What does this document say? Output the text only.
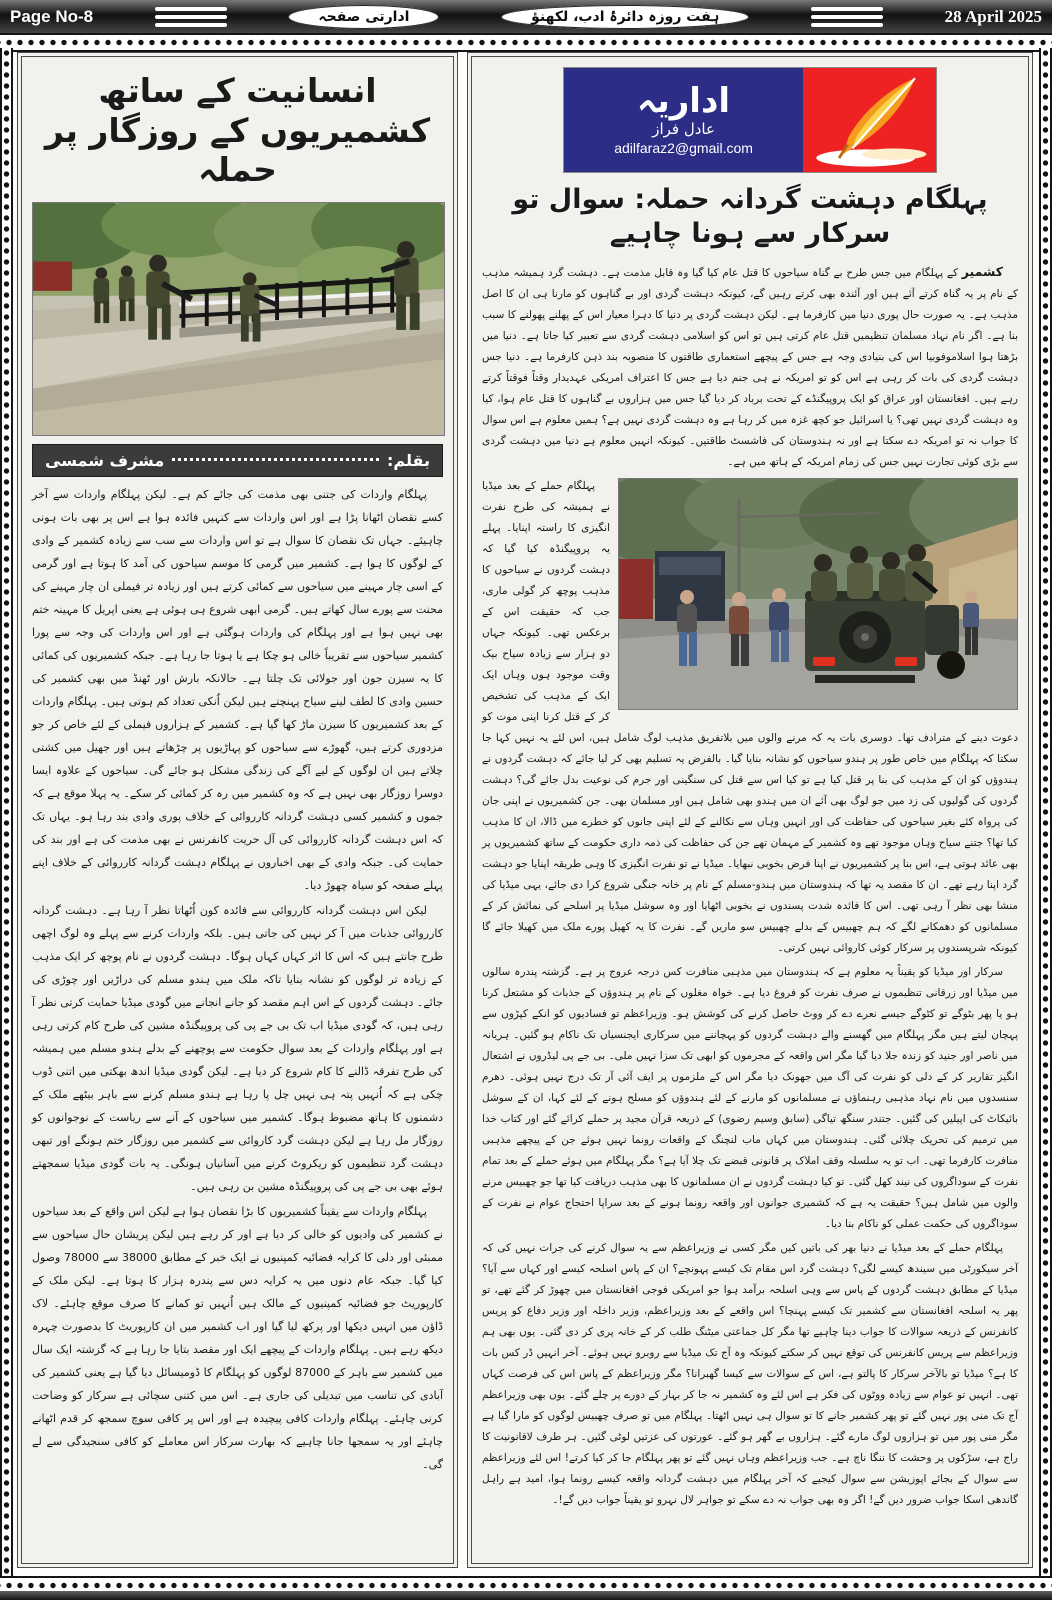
Page No-8	ادارتی صفحہ	ہفت روزہ دائرۂ ادب، لکھنؤ	28 April 2025
انسانیت کے ساتھ کشمیریوں کے روزگار پر حملہ
بقلم:
مشرف شمسی

پہلگام واردات کی جتنی بھی مذمت کی جائے کم ہے۔ لیکن پہلگام واردات سے آخر کسے نقصان اٹھانا پڑا ہے اور اس واردات سے کنہیں فائدہ ہوا ہے اس پر بھی بات ہونی چاہیئے۔ جہاں تک نقصان کا سوال ہے تو اس واردات سے سب سے زیادہ کشمیر کے وادی کے لوگوں کا ہوا ہے۔ کشمیر میں گرمی کا موسم سیاحوں کی آمد کا ہوتا ہے اور گرمی کے اسی چار مہینے میں سیاحوں سے کمائی کرتے ہیں اور زیادہ تر فیملی ان چار مہینے کی محنت سے پورے سال کھاتے ہیں۔ گرمی ابھی شروع ہی ہوئی ہے یعنی اپریل کا مہینہ ختم بھی نہیں ہوا ہے اور پہلگام کی واردات ہوگئی ہے اور اس واردات کی وجہ سے پورا کشمیر سیاحوں سے تقریباً خالی ہو چکا ہے یا ہوتا جا رہا ہے۔ جبکہ کشمیریوں کی کمائی کا یہ سیزن جون اور جولائی تک چلتا ہے۔ حالانکہ بارش اور ٹھنڈ میں بھی کشمیر کی حسین وادی کا لطف لینے سیاح پہنچتے ہیں لیکن اُنکی تعداد کم ہوتی ہیں۔ پہلگام واردات کے بعد کشمیریوں کا سیزن ماڑ کھا گیا ہے۔ کشمیر کے ہزاروں فیملی کے لئے خاص کر جو مزدوری کرتے ہیں، گھوڑے سے سیاحوں کو پہاڑیوں پر چڑھاتے ہیں اور جھیل میں کشتی چلاتے ہیں ان لوگوں کے لیے آگے کی زندگی مشکل ہو جائے گی۔ سیاحوں کے علاوہ ایسا دوسرا روزگار بھی نہیں ہے کہ وہ کشمیر میں رہ کر کمائی کر سکے۔ یہ پہلا موقع ہے کہ جموں و کشمیر کسی دہشت گردانہ کارروائی کے خلاف پوری وادی بند رہا ہو۔ یہاں تک کہ اس دہشت گردانہ کارروائی کی آل حریت کانفرنس نے بھی مذمت کی ہے اور بند کی حمایت کی۔ جبکہ وادی کے بھی اخباروں نے پہلگام دہشت گردانہ کارروائی کے خلاف اپنے پہلے صفحہ کو سیاہ چھوڑ دیا۔

لیکن اس دہشت گردانہ کارروائی سے فائدہ کون اُٹھاتا نظر آ رہا ہے۔ دہشت گردانہ کارروائی جذبات میں آ کر نہیں کی جاتی ہیں۔ بلکہ واردات کرنے سے پہلے وہ لوگ اچھی طرح جانتے ہیں کہ اس کا اثر کہاں کہاں ہوگا۔ دہشت گردوں نے نام پوچھ کر ایک مذہب کے زیادہ تر لوگوں کو نشانہ بنایا تاکہ ملک میں ہندو مسلم کی دراڑیں اور چوڑی کی جائے۔ دہشت گردوں کے اس اہم مقصد کو جانے انجانے میں گودی میڈیا حمایت کرتی نظر آ رہی ہیں، کہ گودی میڈیا اب تک بی جے پی کی پروپیگنڈہ مشین کی طرح کام کرتی رہی ہے اور پہلگام واردات کے بعد سوال حکومت سے پوچھنے کے بدلے ہندو مسلم میں ہمیشہ کی طرح تفرقہ ڈالنے کا کام شروع کر دیا ہے۔ لیکن گودی میڈیا اندھ بھکتی میں اتنی ڈوب چکی ہے کہ اُنہیں پتہ ہی نہیں چل پا رہا ہے ہندو مسلم کرنے سے باہر بیٹھے ملک کے دشمنوں کا ہاتھ مضبوط ہوگا۔ کشمیر میں سیاحوں کے آنے سے ریاست کے نوجوانوں کو روزگار مل رہا ہے لیکن دہشت گرد کاروائی سے کشمیر میں روزگار ختم ہونگے اور تبھی دہشت گرد تنظیموں کو ریکروٹ کرنے میں آسانیاں ہونگی۔ یہ بات گودی میڈیا سمجھتے ہوئے بھی بی جے پی کی پروپیگنڈہ مشین بن رہی ہیں۔

پہلگام واردات سے یقیناً کشمیریوں کا بڑا نقصان ہوا ہے لیکن اس واقع کے بعد سیاحوں نے کشمیر کی وادیوں کو خالی کر دیا ہے اور کر رہے ہیں لیکن پریشان حال سیاحوں سے ممبئی اور دلی کا کرایہ فضائیہ کمپنیوں نے ایک خبر کے مطابق 38000 سے 78000 وصول کیا گیا۔ جبکہ عام دنوں میں یہ کرایہ دس سے پندرہ ہزار کا ہوتا ہے۔ لیکن ملک کے کارپوریٹ جو فضائیہ کمپنیوں کے مالک ہیں اُنہیں تو کمانے کا صرف موقع چاہئے۔ لاک ڈاؤن میں انہیں دیکھا اور پرکھ لیا گیا اور اب کشمیر میں ان کارپوریٹ کا بدصورت چہرہ دیکھ رہے ہیں۔ پہلگام واردات کے پیچھے ایک اور مقصد بتایا جا رہا ہے کہ گزشتہ ایک سال میں کشمیر سے باہر کے 87000 لوگوں کو پہلگام کا ڈومیسائل دیا گیا ہے یعنی کشمیر کی آبادی کی تناسب میں تبدیلی کی جاری ہے۔ اس میں کتنی سچائی ہے سرکار کو وضاحت کرنی چاہئے۔ پہلگام واردات کافی پیچیدہ ہے اور اس پر کافی سوچ سمجھ کر قدم اٹھانے چاہئے اور یہ سمجھا جانا چاہیے کہ بھارت سرکار اس معاملے کو کافی سنجیدگی سے لے گی۔

اداریہ
عادل فراز
adilfaraz2@gmail.com
پہلگام دہشت گردانہ حملہ: سوال تو سرکار سے ہونا چاہیے

کشمیر کے پہلگام میں جس طرح بے گناہ سیاحوں کا قتل عام کیا گیا وہ قابل مذمت ہے۔ دہشت گرد ہمیشہ مذہب کے نام پر یہ گناہ کرتے آئے ہیں اور آئندہ بھی کرتے رہیں گے، کیونکہ دہشت گردی اور بے گناہوں کو مارنا ہی ان کا اصل مذہب ہے۔ یہ صورت حال پوری دنیا میں کارفرما ہے۔ لیکن دہشت گردی پر دنیا کا دہرا معیار اس کے پھلنے پھولنے کا سبب بنا ہے۔ اگر نام نہاد مسلمان تنظیمیں قتل عام کرتی ہیں تو اس کو اسلامی دہشت گردی سے تعبیر کیا جاتا ہے۔ دنیا میں بڑھتا ہوا اسلاموفوبیا اس کی بنیادی وجہ ہے جس کے پیچھے استعماری طاقتوں کا منصوبہ بند ذہن کارفرما ہے۔ دنیا جس دہشت گردی کی بات کر رہی ہے اس کو تو امریکہ نے ہی جنم دیا ہے جس کا اعتراف امریکی عہدیدار وقتاً فوقتاً کرتے رہے ہیں۔ افغانستان اور عراق کو ایک پروپیگنڈے کے تحت برباد کر دیا گیا جس میں ہزاروں بے گناہوں کا قتل عام ہوا، کیا وہ دہشت گردی نہیں تھی؟ یا اسرائیل جو کچھ غزہ میں کر رہا ہے وہ دہشت گردی نہیں ہے؟ ہمیں معلوم ہے اس سوال کا جواب نہ تو امریکہ دے سکتا ہے اور نہ ہندوستان کی فاشسٹ طاقتیں۔ کیونکہ انہیں معلوم ہے دنیا میں دہشت گردی سے بڑی کوئی تجارت نہیں جس کی زمام امریکہ کے ہاتھ میں ہے۔

پہلگام حملے کے بعد میڈیا نے ہمیشہ کی طرح نفرت انگیزی کا راستہ اپنایا۔ پہلے یہ پروپیگنڈہ کیا گیا کہ دہشت گردوں نے سیاحوں کا مذہب پوچھ کر گولی ماری، جب کہ حقیقت اس کے برعکس تھی۔ کیونکہ جہاں دو ہزار سے زیادہ سیاح بیک وقت موجود ہوں وہاں ایک ایک کے مذہب کی تشخیص کر کے قتل کرنا اپنی موت کو دعوت دینے کے مترادف تھا۔ دوسری بات یہ کہ مرنے والوں میں بلاتفریق مذہب لوگ شامل ہیں، اس لئے یہ نہیں کہا جا سکتا کہ پہلگام میں خاص طور پر ہندو سیاحوں کو نشانہ بنایا گیا۔ بالفرض یہ تسلیم بھی کر لیا جائے کہ دہشت گردوں نے ہندوؤں کو ان کے مذہب کی بنا پر قتل کیا ہے تو کیا اس سے قتل کی سنگینی اور جرم کی نوعیت بدل جائے گی؟ دہشت گردوں کی گولیوں کی زد میں جو لوگ بھی آئے ان میں ہندو بھی شامل ہیں اور مسلمان بھی۔ جن کشمیریوں نے اپنی جان کی پرواہ کئے بغیر سیاحوں کی حفاظت کی اور انہیں وہاں سے نکالنے کے لئے اپنی جانوں کو خطرے میں ڈالا، ان کا مذہب کیا تھا؟ جتنے سیاح وہاں موجود تھے وہ کشمیر کے مہمان تھے جن کی حفاظت کی ذمہ داری حکومت کے ساتھ کشمیریوں پر بھی عائد ہوتی ہے، اس بنا پر کشمیریوں نے اپنا فرض بخوبی نبھایا۔ میڈیا نے تو نفرت انگیزی کا وہی طریقہ اپنایا جو دہشت گرد اپنا رہے تھے۔ ان کا مقصد یہ تھا کہ ہندوستان میں ہندو-مسلم کے نام پر خانہ جنگی شروع کرا دی جائے، یہی میڈیا کی منشا بھی نظر آ رہی تھی۔ اس کا فائدہ شدت پسندوں نے بخوبی اٹھایا اور وہ سوشل میڈیا پر اسلحے کی نمائش کر کے مسلمانوں کو دھمکانے لگے کہ ہم چھبیس کے بدلے چھبیس سو ماریں گے۔ نفرت کا یہ کھیل پورے ملک میں کھیلا جائے گا کیونکہ شرپسندوں پر سرکار کوئی کاروائی نہیں کرتی۔

سرکار اور میڈیا کو یقیناً یہ معلوم ہے کہ ہندوستان میں مذہبی منافرت کس درجہ عروج پر ہے۔ گزشتہ پندرہ سالوں میں میڈیا اور زرقانی تنظیموں نے صرف نفرت کو فروغ دیا ہے۔ خواہ مغلوں کے نام پر ہندوؤں کے جذبات کو مشتعل کرنا ہو یا پھر بٹوگے تو کٹوگے جیسے نعرے دے کر ووٹ حاصل کرنے کی کوشش ہو۔ وزیراعظم تو فسادیوں کو انکے کپڑوں سے پہچان لیتے ہیں مگر پہلگام میں گھسنے والے دہشت گردوں کو پہچاننے میں سرکاری ایجنسیاں تک ناکام ہو گئیں۔ ہریانہ میں ناصر اور جنید کو زندہ جلا دیا گیا مگر اس واقعہ کے مجرموں کو ابھی تک سزا نہیں ملی۔ بی جے پی لیڈروں نے اشتعال انگیز تقاریر کر کے دلی کو نفرت کی آگ میں جھونک دیا مگر اس کے ملزموں پر ایف آئی آر تک درج نہیں ہوئی۔ دھرم سنسدوں میں نام نہاد مذہبی رہنماؤں نے مسلمانوں کو مارنے کے لئے ہندوؤں کو مسلح ہونے کے لئے کہا، ان کے سوشل بائیکاٹ کی اپیلیں کی گئیں۔ جتندر سنگھ تیاگی (سابق وسیم رضوی) کے ذریعہ قرآن مجید پر حملے کرائے گئے اور کتاب خدا میں ترمیم کی تحریک چلائی گئی۔ ہندوستان میں کہاں ماب لنچنگ کے واقعات رونما نہیں ہوئے جن کے پیچھے مذہبی منافرت کارفرما تھی۔ اب تو یہ سلسلہ وقف املاک پر قانونی قبضے تک چلا آیا ہے؟ مگر پہلگام میں ہوئے حملے کے بعد تمام نفرت کے سوداگروں کی نیند کھل گئی۔ تو کیا دہشت گردوں نے ان مسلمانوں کا بھی مذہب دریافت کیا تھا جو چھبیس مرنے والوں میں شامل ہیں؟ حقیقت یہ ہے کہ کشمیری جوانوں اور واقعہ رونما ہونے کے بعد سراپا احتجاج عوام نے نفرت کے سوداگروں کی حکمت عملی کو ناکام بنا دیا۔

پہلگام حملے کے بعد میڈیا نے دنیا بھر کی باتیں کیں مگر کسی نے وزیراعظم سے یہ سوال کرنے کی جرات نہیں کی کہ آخر سیکورٹی میں سیندھ کیسے لگی؟ دہشت گرد اس مقام تک کیسے پہونچے؟ ان کے پاس اسلحہ کیسے اور کہاں سے آیا؟ میڈیا کے مطابق دہشت گردوں کے پاس سے وہی اسلحہ برآمد ہوا جو امریکی فوجی افغانستان میں چھوڑ کر گئے تھے، تو پھر یہ اسلحہ افغانستان سے کشمیر تک کیسے پہنچا؟ اس واقعے کے بعد وزیراعظم، وزیر داخلہ اور وزیر دفاع کو پریس کانفرنس کے ذریعہ سوالات کا جواب دینا چاہیے تھا مگر کل جماعتی میٹنگ طلب کر کے خانہ پری کر دی گئی۔ یوں بھی ہم وزیراعظم سے پریس کانفرنس کی توقع نہیں کر سکتے کیونکہ وہ آج تک میڈیا سے روبرو نہیں ہوئے۔ آخر انہیں ڈر کس بات کا ہے؟ میڈیا تو بالآخر سرکار کا پالتو ہے، اس کے سوالات سے کیسا گھبرانا؟ مگر وزیراعظم کے پاس اس کی فرصت کہاں تھی۔ انہیں تو عوام سے زیادہ ووٹوں کی فکر ہے اس لئے وہ کشمیر نہ جا کر بہار کے دورے پر چلے گئے۔ یوں بھی وزیراعظم آج تک منی پور نہیں گئے تو پھر کشمیر جانے کا تو سوال ہی نہیں اٹھتا۔ پہلگام میں تو صرف چھبیس لوگوں کو مارا گیا ہے مگر منی پور میں تو ہزاروں لوگ مارے گئے۔ ہزاروں بے گھر ہو گئے۔ عورتوں کی عزتیں لوٹی گئیں۔ ہر طرف لاقانونیت کا راج ہے، سڑکوں پر وحشت کا ننگا ناچ ہے۔ جب وزیراعظم وہاں نہیں گئے تو پھر پہلگام جا کر کیا کرتے! اس لئے وزیراعظم سے سوال کے بجائے اپوزیشن سے سوال کیجیے کہ آخر پہلگام میں دہشت گردانہ واقعہ کیسے رونما ہوا، امید ہے راہل گاندھی اسکا جواب ضرور دیں گے! اگر وہ بھی جواب نہ دے سکے تو جواہر لال نہرو تو یقیناً جواب دیں گے!۔
